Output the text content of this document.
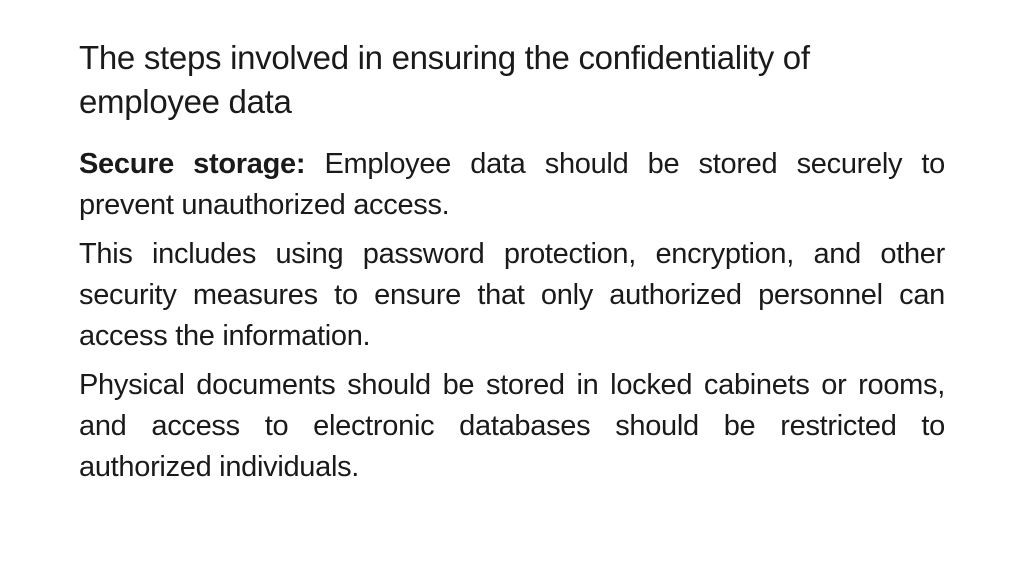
The steps involved in ensuring the confidentiality of employee data

Secure storage: Employee data should be stored securely to prevent unauthorized access.

This includes using password protection, encryption, and other security measures to ensure that only authorized personnel can access the information.

Physical documents should be stored in locked cabinets or rooms, and access to electronic databases should be restricted to authorized individuals.
